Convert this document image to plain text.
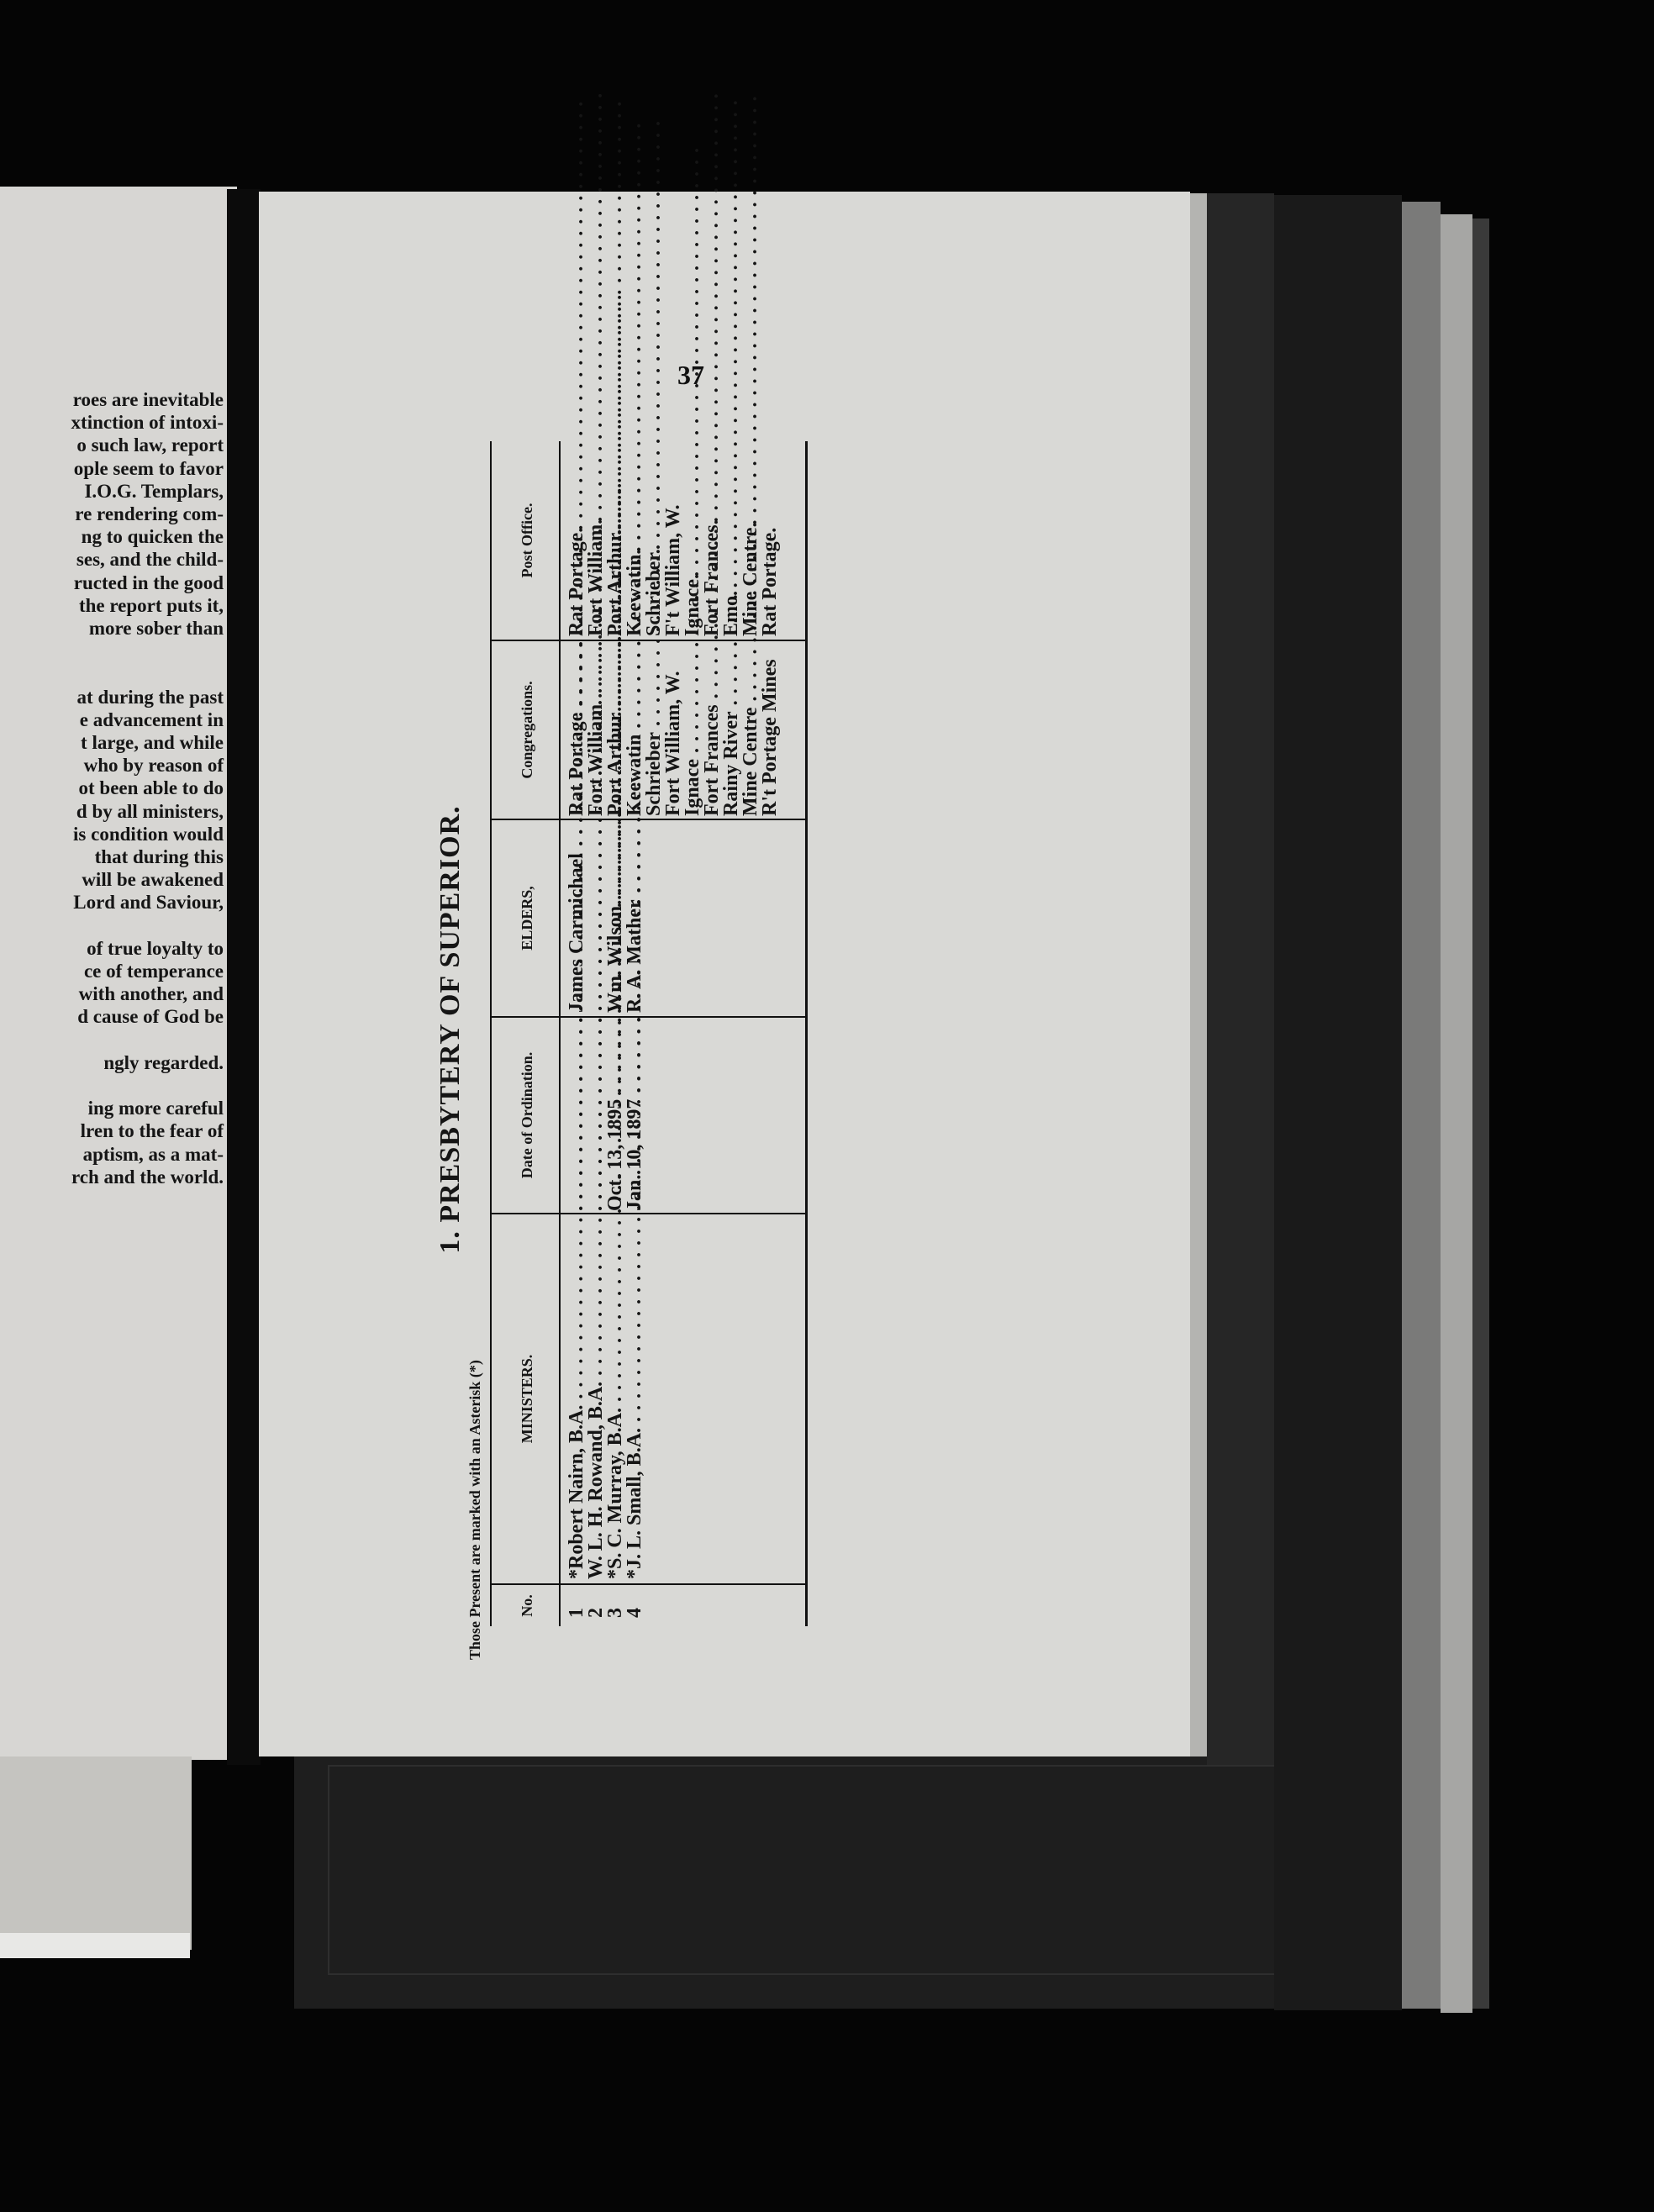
roes are inevitable
xtinction of intoxi-
o such law, report
ople seem to favor
I.O.G. Templars,
re rendering com-
ng to quicken the
ses, and the child-
ructed in the good
the report puts it,
more sober than
at during the past
e advancement in
t large, and while
who by reason of
ot been able to do
d by all ministers,
is condition would
that during this
will be awakened
Lord and Saviour,
of true loyalty to
ce of temperance
with another, and
d cause of God be
ngly regarded.
ing more careful
lren to the fear of
aptism, as a mat-
rch and the world.
37
1. PRESBYTERY OF SUPERIOR.
Those Present are marked with an Asterisk (*)	No.
MINISTERS.
Date of Ordination.
ELDERS,
Congregations.
Post Office.
1
*Robert Nairn, B.A. . . .
2
W. L. H. Rowand, B.A. . . .
3
*S. C. Murray, B.A. . . .
4
*J. L. Small, B.A. . . .
. . .
. . .
Oct. 13, 1895 . . .
Jan. 10, 1897 . . .
James Carmichael Wm. Wilson . . .
R. A. Mather
Rat Portage . . .
Fort William . . .
Port Arthur . . .
Keewatin . . .
Schrieber . . .
Fort William, W.
Ignace . . .
Fort Frances . . .
Rainy River . . .
Mine Centre . . .
R't Portage Mines
Rat Portage.
Fort William.
Port Arthur.
Keewatin.
Schrieber.
F't William, W.
Ignace.
Fort Frances.
Emo.
Mine Centre.
Rat Portage.
